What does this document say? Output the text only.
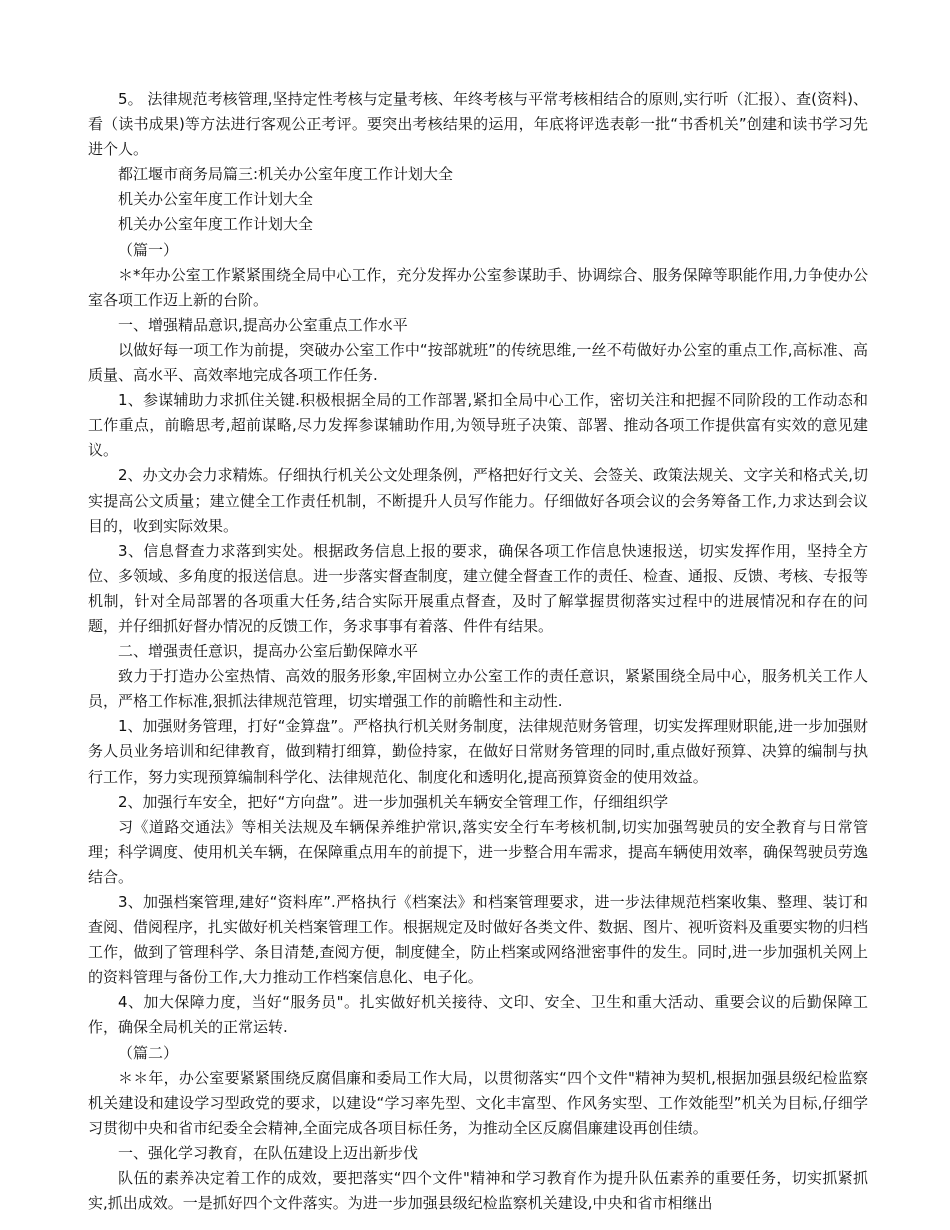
5。 法律规范考核管理,坚持定性考核与定量考核、年终考核与平常考核相结合的原则,实行听（汇报）、查(资料)、看（读书成果)等方法进行客观公正考评。要突出考核结果的运用，年底将评选表彰一批“书香机关”创建和读书学习先进个人。

都江堰市商务局篇三:机关办公室年度工作计划大全

机关办公室年度工作计划大全

机关办公室年度工作计划大全

（篇一）

＊*年办公室工作紧紧围绕全局中心工作，充分发挥办公室参谋助手、协调综合、服务保障等职能作用,力争使办公室各项工作迈上新的台阶。

一、增强精品意识,提高办公室重点工作水平

以做好每一项工作为前提，突破办公室工作中“按部就班”的传统思维,一丝不苟做好办公室的重点工作,高标准、高质量、高水平、高效率地完成各项工作任务.

1、参谋辅助力求抓住关键.积极根据全局的工作部署,紧扣全局中心工作，密切关注和把握不同阶段的工作动态和工作重点，前瞻思考,超前谋略,尽力发挥参谋辅助作用,为领导班子决策、部署、推动各项工作提供富有实效的意见建议。

2、办文办会力求精炼。仔细执行机关公文处理条例，严格把好行文关、会签关、政策法规关、文字关和格式关,切实提高公文质量；建立健全工作责任机制，不断提升人员写作能力。仔细做好各项会议的会务筹备工作,力求达到会议目的，收到实际效果。

3、信息督查力求落到实处。根据政务信息上报的要求，确保各项工作信息快速报送，切实发挥作用，坚持全方位、多领域、多角度的报送信息。进一步落实督查制度，建立健全督查工作的责任、检查、通报、反馈、考核、专报等机制，针对全局部署的各项重大任务,结合实际开展重点督查，及时了解掌握贯彻落实过程中的进展情况和存在的问题，并仔细抓好督办情况的反馈工作，务求事事有着落、件件有结果。

二、增强责任意识，提高办公室后勤保障水平

致力于打造办公室热情、高效的服务形象,牢固树立办公室工作的责任意识，紧紧围绕全局中心，服务机关工作人员，严格工作标准,狠抓法律规范管理，切实增强工作的前瞻性和主动性.

1、加强财务管理，打好“金算盘”。严格执行机关财务制度，法律规范财务管理，切实发挥理财职能,进一步加强财务人员业务培训和纪律教育，做到精打细算，勤俭持家，在做好日常财务管理的同时,重点做好预算、决算的编制与执行工作，努力实现预算编制科学化、法律规范化、制度化和透明化,提高预算资金的使用效益。

2、加强行车安全，把好“方向盘”。进一步加强机关车辆安全管理工作，仔细组织学

习《道路交通法》等相关法规及车辆保养维护常识,落实安全行车考核机制,切实加强驾驶员的安全教育与日常管理；科学调度、使用机关车辆，在保障重点用车的前提下，进一步整合用车需求，提高车辆使用效率，确保驾驶员劳逸结合。

3、加强档案管理,建好“资料库”.严格执行《档案法》和档案管理要求，进一步法律规范档案收集、整理、装订和查阅、借阅程序，扎实做好机关档案管理工作。根据规定及时做好各类文件、数据、图片、视听资料及重要实物的归档工作，做到了管理科学、条目清楚,查阅方便，制度健全，防止档案或网络泄密事件的发生。同时,进一步加强机关网上的资料管理与备份工作,大力推动工作档案信息化、电子化。

4、加大保障力度，当好“服务员"。扎实做好机关接待、文印、安全、卫生和重大活动、重要会议的后勤保障工作，确保全局机关的正常运转.

（篇二）

＊＊年，办公室要紧紧围绕反腐倡廉和委局工作大局，以贯彻落实“四个文件"精神为契机,根据加强县级纪检监察机关建设和建设学习型政党的要求，以建设“学习率先型、文化丰富型、作风务实型、工作效能型”机关为目标,仔细学习贯彻中央和省市纪委全会精神,全面完成各项目标任务，为推动全区反腐倡廉建设再创佳绩。

一、强化学习教育，在队伍建设上迈出新步伐

队伍的素养决定着工作的成效，要把落实“四个文件"精神和学习教育作为提升队伍素养的重要任务，切实抓紧抓实,抓出成效。一是抓好四个文件落实。为进一步加强县级纪检监察机关建设,中央和省市相继出
